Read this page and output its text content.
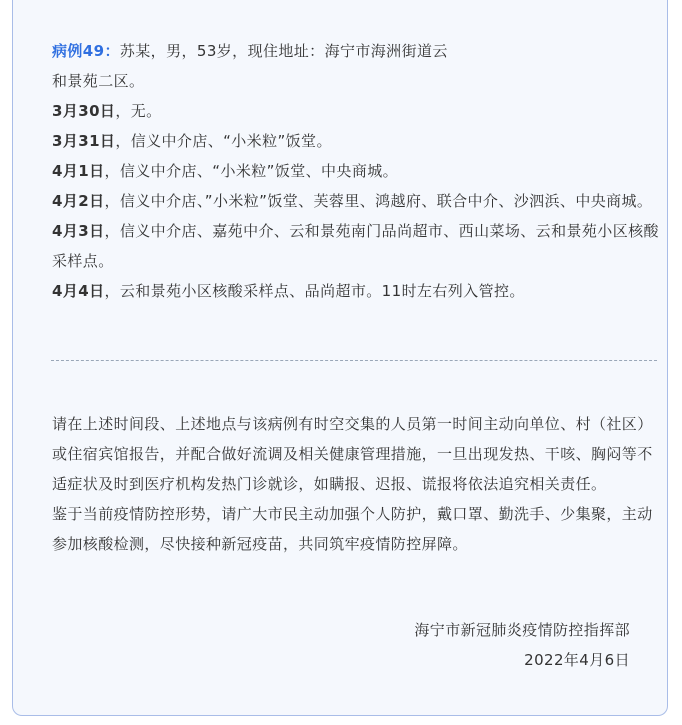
病例49：苏某，男，53岁，现住地址：海宁市海洲街道云
和景苑二区。

3月30日，无。

3月31日，信义中介店、“小米粒”饭堂。

4月1日，信义中介店、“小米粒”饭堂、中央商城。

4月2日，信义中介店、”小米粒”饭堂、芙蓉里、鸿越府、联合中介、沙泗浜、中央商城。

4月3日，信义中介店、嘉苑中介、云和景苑南门品尚超市、西山菜场、云和景苑小区核酸采样点。

4月4日，云和景苑小区核酸采样点、品尚超市。11时左右列入管控。

请在上述时间段、上述地点与该病例有时空交集的人员第一时间主动向单位、村（社区）或住宿宾馆报告，并配合做好流调及相关健康管理措施，一旦出现发热、干咳、胸闷等不适症状及时到医疗机构发热门诊就诊，如瞒报、迟报、谎报将依法追究相关责任。

鉴于当前疫情防控形势，请广大市民主动加强个人防护，戴口罩、勤洗手、少集聚，主动参加核酸检测，尽快接种新冠疫苗，共同筑牢疫情防控屏障。

海宁市新冠肺炎疫情防控指挥部
2022年4月6日
